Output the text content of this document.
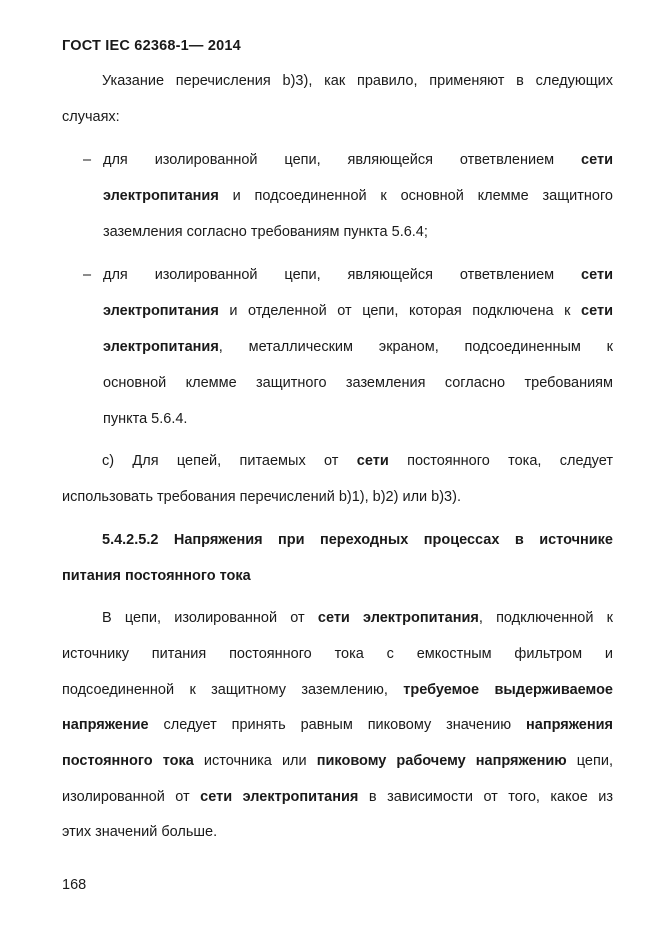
ГОСТ IEC 62368-1— 2014
Указание перечисления b)3), как правило, применяют в следующих
случаях:
– для изолированной цепи, являющейся ответвлением сети
электропитания и подсоединенной к основной клемме защитного
заземления согласно требованиям пункта 5.6.4;
– для изолированной цепи, являющейся ответвлением сети
электропитания и отделенной от цепи, которая подключена к сети
электропитания, металлическим экраном, подсоединенным к
основной клемме защитного заземления согласно требованиям
пункта 5.6.4.
c) Для цепей, питаемых от сети постоянного тока, следует
использовать требования перечислений b)1), b)2) или b)3).
5.4.2.5.2 Напряжения при переходных процессах в источнике
питания постоянного тока
В цепи, изолированной от сети электропитания, подключенной к
источнику питания постоянного тока с емкостным фильтром и
подсоединенной к защитному заземлению, требуемое выдерживаемое
напряжение следует принять равным пиковому значению напряжения
постоянного тока источника или пиковому рабочему напряжению цепи,
изолированной от сети электропитания в зависимости от того, какое из
этих значений больше.
168
